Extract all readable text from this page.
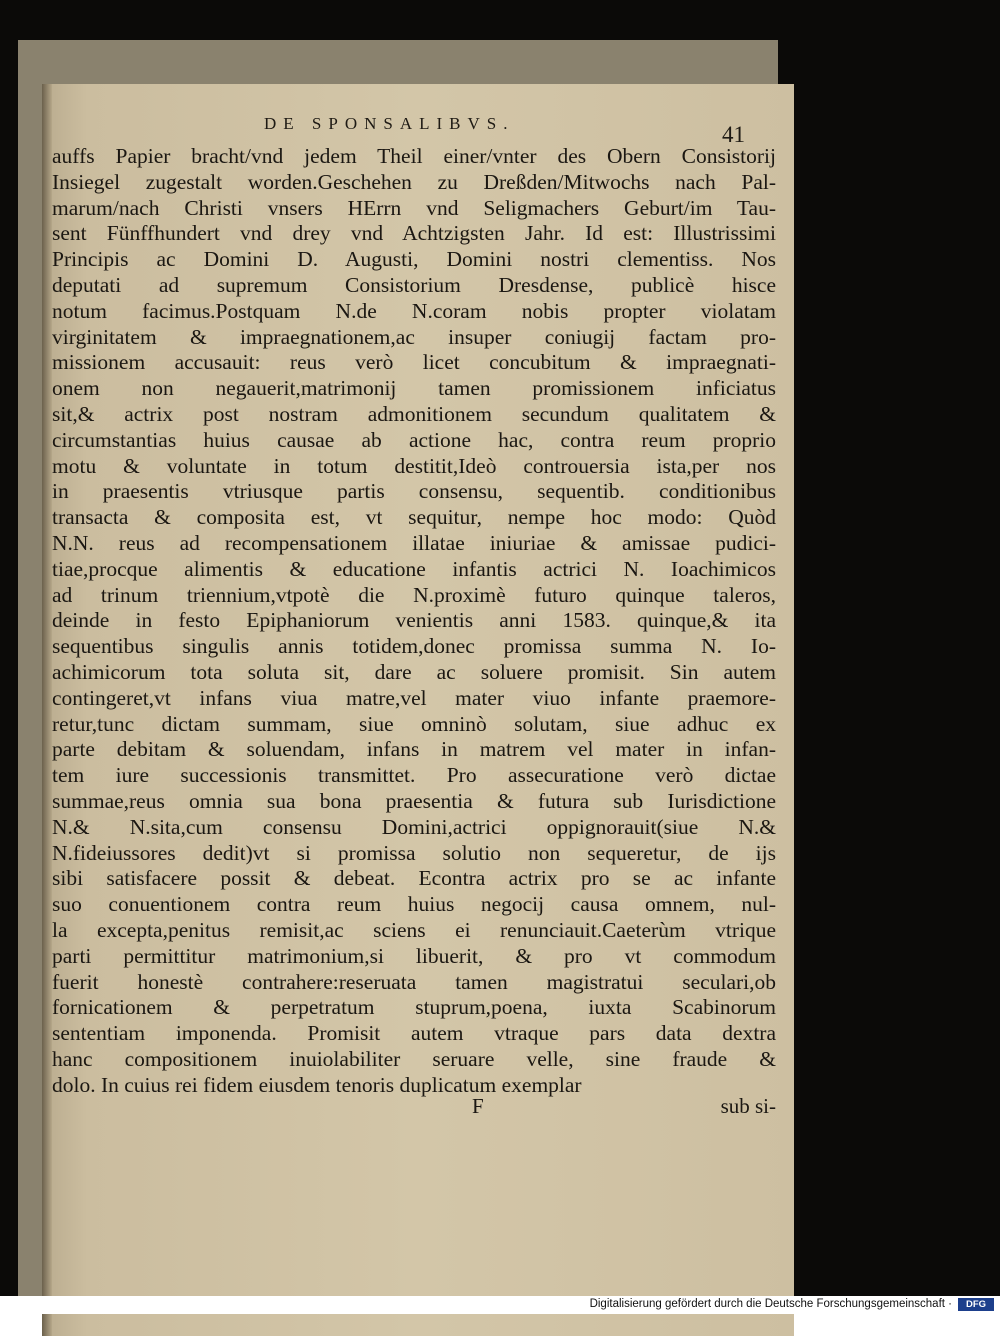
DE SPONSALIBVS.	41
auffs Papier bracht/vnd jedem Theil einer/vnter des Obern Consistorij
Insiegel zugestalt worden.Geschehen zu Dreßden/Mitwochs nach Pal-
marum/nach Christi vnsers HErrn vnd Seligmachers Geburt/im Tau-
sent Fünffhundert vnd drey vnd Achtzigsten Jahr. Id est: Illustrissimi
Principis ac Domini D. Augusti, Domini nostri clementiss. Nos
deputati ad supremum Consistorium Dresdense, publicè hisce
notum facimus.Postquam N.de N.coram nobis propter violatam
virginitatem & impraegnationem,ac insuper coniugij factam pro-
missionem accusauit: reus verò licet concubitum & impraegnati-
onem non negauerit,matrimonij tamen promissionem inficiatus
sit,& actrix post nostram admonitionem secundum qualitatem &
circumstantias huius causae ab actione hac, contra reum proprio
motu & voluntate in totum destitit,Ideò controuersia ista,per nos
in praesentis vtriusque partis consensu, sequentib. conditionibus
transacta & composita est, vt sequitur, nempe hoc modo: Quòd
N.N. reus ad recompensationem illatae iniuriae & amissae pudici-
tiae,procque alimentis & educatione infantis actrici N. Ioachimicos
ad trinum triennium,vtpotè die N.proximè futuro quinque taleros,
deinde in festo Epiphaniorum venientis anni 1583. quinque,& ita
sequentibus singulis annis totidem,donec promissa summa N. Io-
achimicorum tota soluta sit, dare ac soluere promisit. Sin autem
contingeret,vt infans viua matre,vel mater viuo infante praemore-
retur,tunc dictam summam, siue omninò solutam, siue adhuc ex
parte debitam & soluendam, infans in matrem vel mater in infan-
tem iure successionis transmittet. Pro assecuratione verò dictae
summae,reus omnia sua bona praesentia & futura sub Iurisdictione
N.& N.sita,cum consensu Domini,actrici oppignorauit(siue N.&
N.fideiussores dedit)vt si promissa solutio non sequeretur, de ijs
sibi satisfacere possit & debeat. Econtra actrix pro se ac infante
suo conuentionem contra reum huius negocij causa omnem, nul-
la excepta,penitus remisit,ac sciens ei renunciauit.Caeterùm vtrique
parti permittitur matrimonium,si libuerit, & pro vt commodum
fuerit honestè contrahere:reseruata tamen magistratui seculari,ob
fornicationem & perpetratum stuprum,poena, iuxta Scabinorum
sententiam imponenda. Promisit autem vtraque pars data dextra
hanc compositionem inuiolabiliter seruare velle, sine fraude &
dolo. In cuius rei fidem eiusdem tenoris duplicatum exemplar
F	sub si-
Digitalisierung gefördert durch die Deutsche Forschungsgemeinschaft ·	DFG
